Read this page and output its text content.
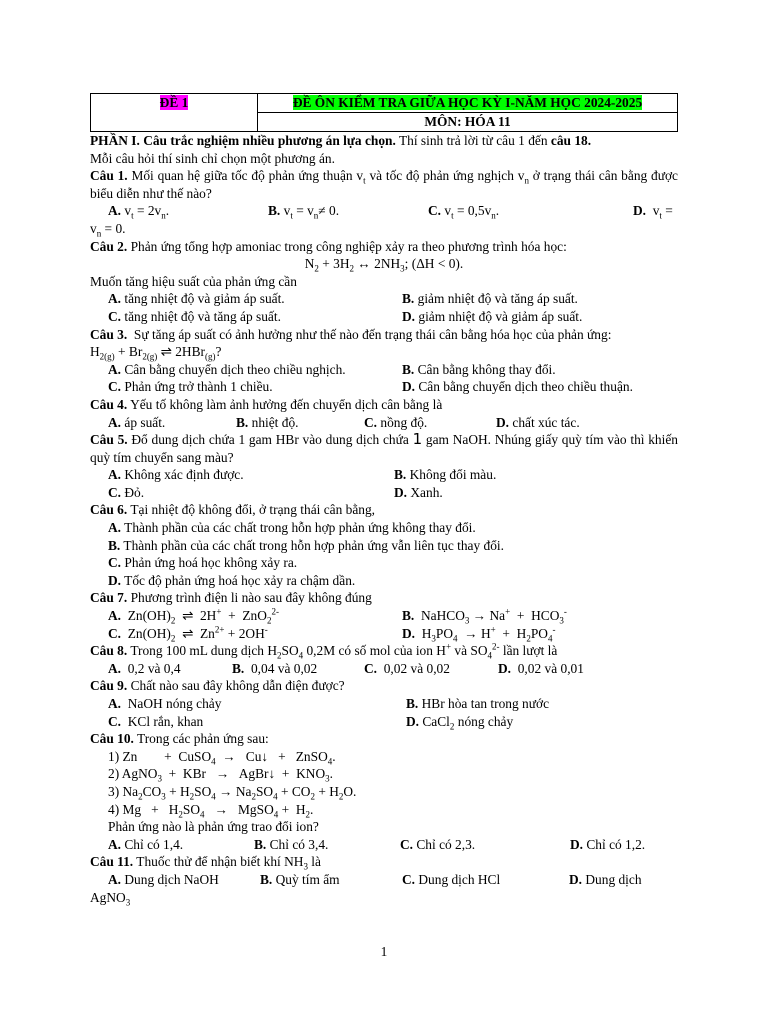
ĐỀ 1	ĐỀ ÔN KIỂM TRA GIỮA HỌC KỲ I-NĂM HỌC 2024-2025
MÔN: HÓA 11

PHẦN I. Câu trắc nghiệm nhiều phương án lựa chọn. Thí sinh trả lời từ câu 1 đến câu 18.

Mỗi câu hỏi thí sinh chỉ chọn một phương án.

Câu 1. Mối quan hệ giữa tốc độ phản ứng thuận $v_t$ và tốc độ phản ứng nghịch $v_n$ ở trạng thái cân bằng được biểu diễn như thế nào?

A. $v_t = 2v_n$.	B. $v_t = v_n\ne 0$.	C. $v_t = 0,5v_n$.	D.  $v_t$ =

$v_n = 0$.

Câu 2. Phản ứng tổng hợp amoniac trong công nghiệp xảy ra theo phương trình hóa học:

$N_2 + 3H_2$ ↔ $2NH_3$; (ΔH < 0).

Muốn tăng hiệu suất của phản ứng cần

A. tăng nhiệt độ và giảm áp suất.	B. giảm nhiệt độ và tăng áp suất.
C. tăng nhiệt độ và tăng áp suất.	D. giảm nhiệt độ và giảm áp suất.

Câu 3.  Sự tăng áp suất có ảnh hưởng như thế nào đến trạng thái cân bằng hóa học của phản ứng:

$H_{2(g)} + Br_{2(g)}$ ⇌ 2HBr$_{(g)}$?

A. Cân bằng chuyển dịch theo chiều nghịch.	B. Cân bằng không thay đổi.
C. Phản ứng trở thành 1 chiều.	D. Cân bằng chuyển dịch theo chiều thuận.

Câu 4. Yếu tố không làm ảnh hưởng đến chuyển dịch cân bằng là

A. áp suất.	B. nhiệt độ.	C. nồng độ.	D. chất xúc tác.

Câu 5. Đổ dung dịch chứa 1 gam HBr vào dung dịch chứa 1 gam NaOH. Nhúng giấy quỳ tím vào thì khiến quỳ tím chuyển sang màu?

A. Không xác định được.	B. Không đổi màu.
C. Đỏ.	D. Xanh.

Câu 6. Tại nhiệt độ không đổi, ở trạng thái cân bằng,

A. Thành phần của các chất trong hỗn hợp phản ứng không thay đổi.

B. Thành phần của các chất trong hỗn hợp phản ứng vẫn liên tục thay đổi.

C. Phản ứng hoá học không xảy ra.

D. Tốc độ phản ứng hoá học xảy ra chậm dần.

Câu 7. Phương trình điện li nào sau đây không đúng

A.  $Zn(OH)_2$  ⇌  2H+  +  ZnO$_2^{2-}$	B.  NaHCO$_3$ → $Na^+ + HCO_3^-$
C.  $Zn(OH)_2$  ⇌  $Zn^{2+} + 2OH^-$	D.  $H_3PO_4 \to H^+ + H_2PO_4^-$

Câu 8. Trong 100 mL dung dịch $H_2SO_4$ 0,2M có số mol của ion H+ và $SO_4^{2-}$ lần lượt là

A.  0,2 và 0,4	B.  0,04 và 0,02	C.  0,02 và 0,02	D.  0,02 và 0,01

Câu 9. Chất nào sau đây không dẫn điện được?

A.  NaOH nóng chảy	B. HBr hòa tan trong nước
C.  KCl rắn, khan	D. CaCl$_2$ nóng chảy

Câu 10. Trong các phản ứng sau:

1) Zn        +  CuSO$_4$  →   Cu↓   +   ZnSO$_4$.

2) AgNO$_3$  +  KBr   →   AgBr↓  +  $KNO_3$.

3) $Na_2CO_3 + H_2SO_4 \to Na_2SO_4 + CO_2 + H_2O$.

4) $Mg + H_2SO_4$   →   MgSO$_4$ +  $H_2$.

Phản ứng nào là phản ứng trao đổi ion?

A. Chỉ có 1,4.	B. Chỉ có 3,4.	C. Chỉ có 2,3.	D. Chỉ có 1,2.

Câu 11. Thuốc thử để nhận biết khí $NH_3$ là

A. Dung dịch NaOH	B. Quỳ tím ẩm	C. Dung dịch HCl	D. Dung dịch

AgNO$_3$

1
